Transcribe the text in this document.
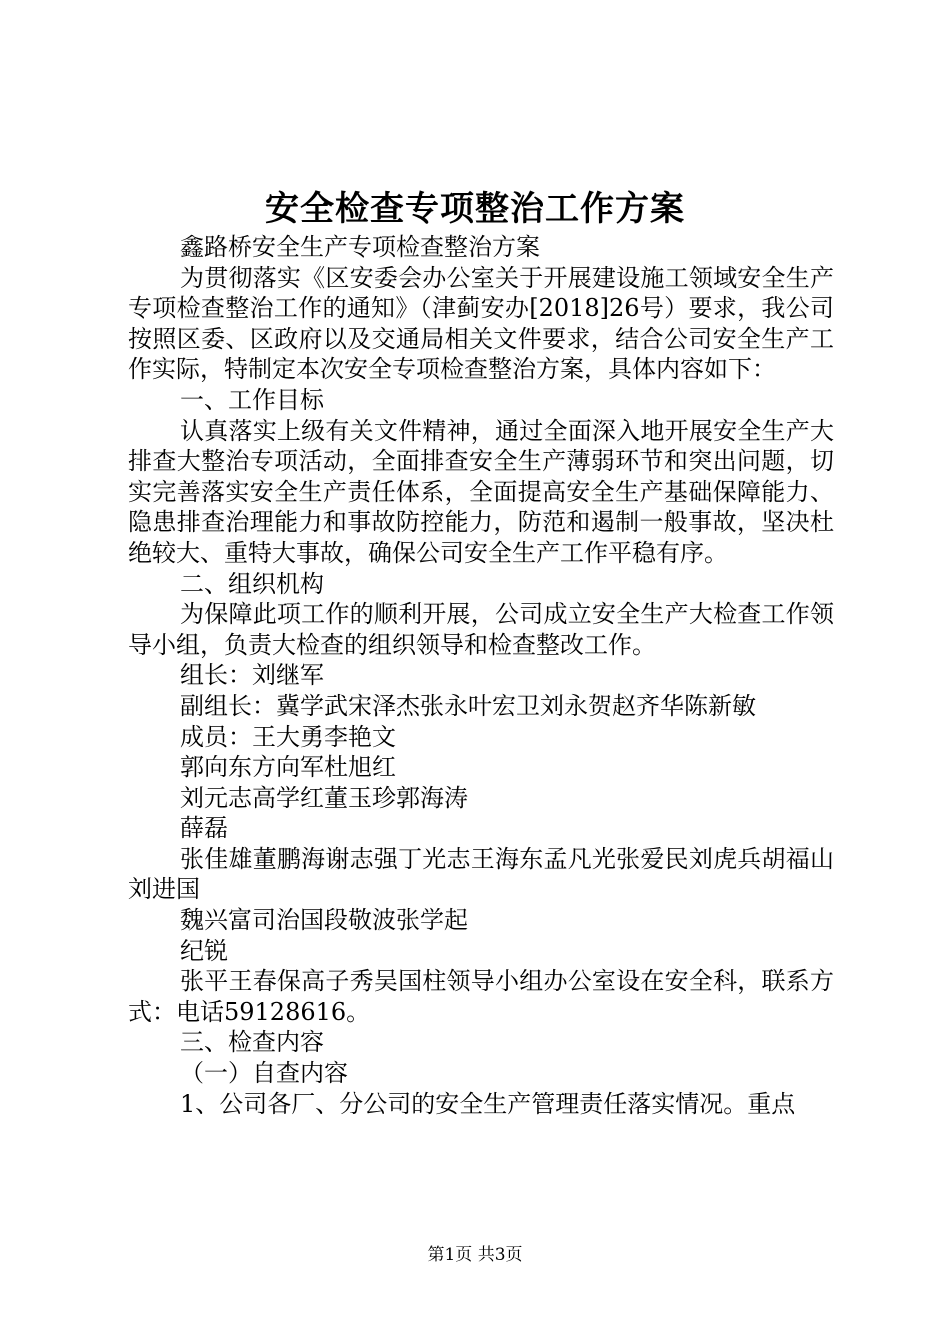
安全检查专项整治工作方案

鑫路桥安全生产专项检查整治方案

为贯彻落实《区安委会办公室关于开展建设施工领域安全生产专项检查整治工作的通知》（津蓟安办[2018]26号）要求，我公司按照区委、区政府以及交通局相关文件要求，结合公司安全生产工作实际，特制定本次安全专项检查整治方案，具体内容如下：

一、工作目标

认真落实上级有关文件精神，通过全面深入地开展安全生产大排查大整治专项活动，全面排查安全生产薄弱环节和突出问题，切实完善落实安全生产责任体系，全面提高安全生产基础保障能力、隐患排查治理能力和事故防控能力，防范和遏制一般事故，坚决杜绝较大、重特大事故，确保公司安全生产工作平稳有序。

二、组织机构

为保障此项工作的顺利开展，公司成立安全生产大检查工作领导小组，负责大检查的组织领导和检查整改工作。

组长：刘继军

副组长：冀学武宋泽杰张永叶宏卫刘永贺赵齐华陈新敏

成员：王大勇李艳文

郭向东方向军杜旭红

刘元志高学红董玉珍郭海涛

薛磊

张佳雄董鹏海谢志强丁光志王海东孟凡光张爱民刘虎兵胡福山刘进国

魏兴富司治国段敬波张学起

纪锐

张平王春保高子秀吴国柱领导小组办公室设在安全科，联系方式：电话59128616。

三、检查内容

（一）自查内容

1、公司各厂、分公司的安全生产管理责任落实情况。重点

第1页 共3页
